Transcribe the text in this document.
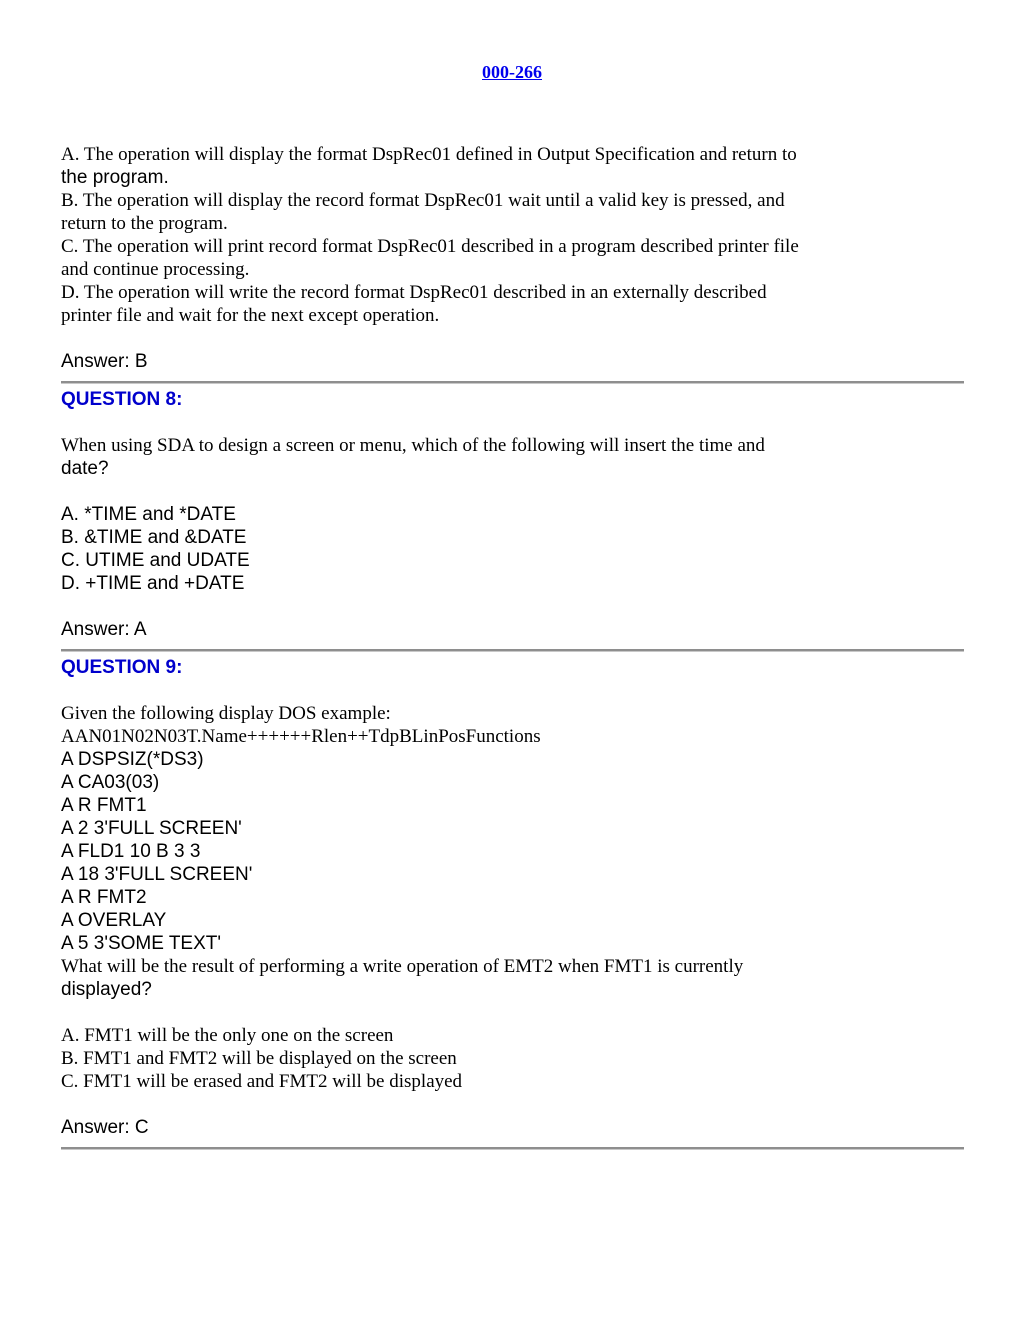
000-266
A. The operation will display the format DspRec01 defined in Output Specification and return to
the program.
B. The operation will display the record format DspRec01 wait until a valid key is pressed, and
return to the program.
C. The operation will print record format DspRec01 described in a program described printer file
and continue processing.
D. The operation will write the record format DspRec01 described in an externally described
printer file and wait for the next except operation.
Answer: B
QUESTION 8:
When using SDA to design a screen or menu, which of the following will insert the time and
date?
A. *TIME and *DATE
B. &TIME and &DATE
C. UTIME and UDATE
D. +TIME and +DATE
Answer: A
QUESTION 9:
Given the following display DOS example:
AAN01N02N03T.Name++++++Rlen++TdpBLinPosFunctions
A DSPSIZ(*DS3)
A CA03(03)
A R FMT1
A 2 3'FULL SCREEN'
A FLD1 10 B 3 3
A 18 3'FULL SCREEN'
A R FMT2
A OVERLAY
A 5 3'SOME TEXT'
What will be the result of performing a write operation of EMT2 when FMT1 is currently
displayed?
A. FMT1 will be the only one on the screen
B. FMT1 and FMT2 will be displayed on the screen
C. FMT1 will be erased and FMT2 will be displayed
Answer: C
